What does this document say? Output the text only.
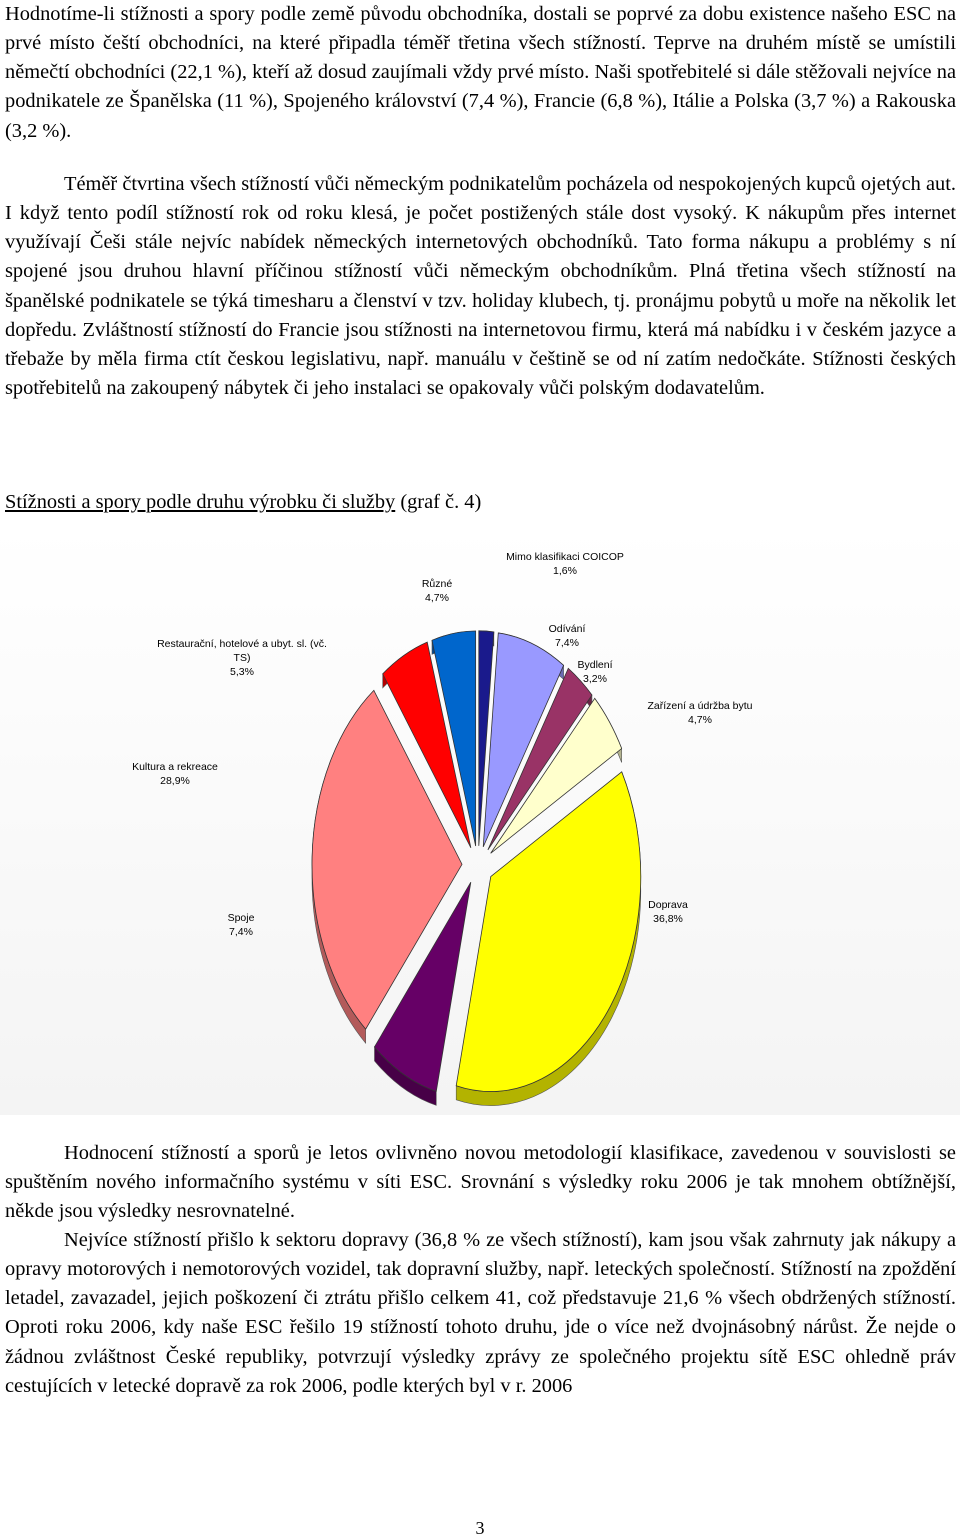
Hodnotíme-li stížnosti a spory podle země původu obchodníka, dostali se poprvé za dobu existence našeho ESC na prvé místo čeští obchodníci, na které připadla téměř třetina všech stížností. Teprve na druhém místě se umístili němečtí obchodníci (22,1 %), kteří až dosud zaujímali vždy prvé místo. Naši spotřebitelé si dále stěžovali nejvíce na podnikatele ze Španělska (11 %), Spojeného království (7,4 %), Francie (6,8 %), Itálie a Polska (3,7 %) a Rakouska (3,2 %).

Téměř čtvrtina všech stížností vůči německým podnikatelům pocházela od nespokojených kupců ojetých aut. I když tento podíl stížností rok od roku klesá, je počet postižených stále dost vysoký. K nákupům přes internet využívají Češi stále nejvíc nabídek německých internetových obchodníků. Tato forma nákupu a problémy s ní spojené jsou druhou hlavní příčinou stížností vůči německým obchodníkům. Plná třetina všech stížností na španělské podnikatele se týká timesharu a členství v tzv. holiday klubech, tj. pronájmu pobytů u moře na několik let dopředu. Zvláštností stížností do Francie jsou stížnosti na internetovou firmu, která má nabídku i v českém jazyce a třebaže by měla firma ctít českou legislativu, např. manuálu v češtině se od ní zatím nedočkáte. Stížnosti českých spotřebitelů na zakoupený nábytek či jeho instalaci se opakovaly vůči polským dodavatelům.

Stížnosti a spory podle druhu výrobku či služby (graf č. 4)

Mimo klasifikaci COICOP
1,6%
Odívání
7,4%
Bydlení
3,2%
Zařízení a údržba bytu
4,7%
Doprava
36,8%
Spoje
7,4%
Kultura a rekreace
28,9%
Restaurační, hotelové a ubyt. sl. (vč.
TS)
5,3%
Různé
4,7%

Hodnocení stížností a sporů je letos ovlivněno novou metodologií klasifikace, zavedenou v souvislosti se spuštěním nového informačního systému v síti ESC. Srovnání s výsledky roku 2006 je tak mnohem obtížnější, někde jsou výsledky nesrovnatelné.

Nejvíce stížností přišlo k sektoru dopravy (36,8 % ze všech stížností), kam jsou však zahrnuty jak nákupy a opravy motorových i nemotorových vozidel, tak dopravní služby, např. leteckých společností. Stížností na zpoždění letadel, zavazadel, jejich poškození či ztrátu přišlo celkem 41, což představuje 21,6 % všech obdržených stížností. Oproti roku 2006, kdy naše ESC řešilo 19 stížností tohoto druhu, jde o více než dvojnásobný nárůst. Že nejde o žádnou zvláštnost České republiky, potvrzují výsledky zprávy ze společného projektu sítě ESC ohledně práv cestujících v letecké dopravě za rok 2006, podle kterých byl v r. 2006

3
